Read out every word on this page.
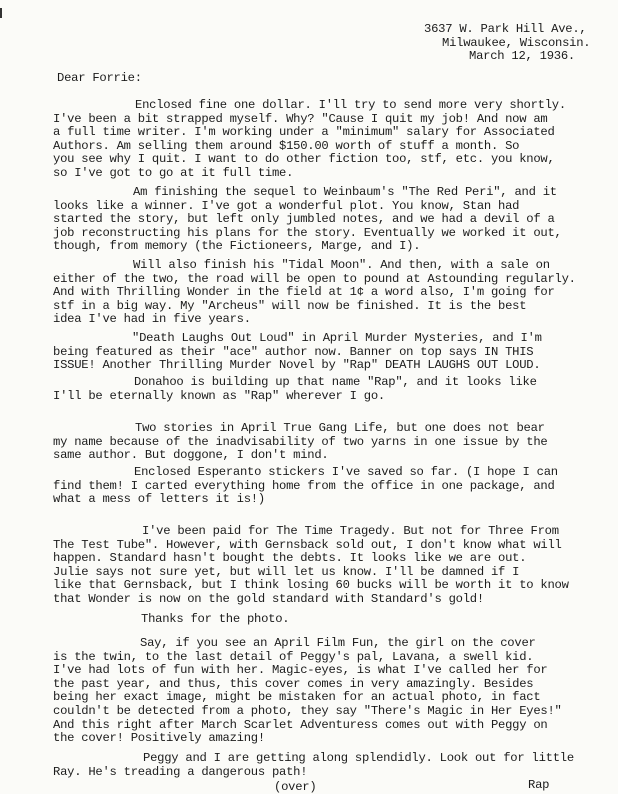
3637 W. Park Hill Ave.,
Milwaukee, Wisconsin.
March 12, 1936.
Dear Forrie:
Enclosed fine one dollar. I'll try to send more very shortly.
I've been a bit strapped myself. Why? "Cause I quit my job! And now am
a full time writer. I'm working under a "minimum" salary for Associated
Authors. Am selling them around $150.00 worth of stuff a month. So
you see why I quit. I want to do other fiction too, stf, etc. you know,
so I've got to go at it full time.
Am finishing the sequel to Weinbaum's "The Red Peri", and it
looks like a winner. I've got a wonderful plot. You know, Stan had
started the story, but left only jumbled notes, and we had a devil of a
job reconstructing his plans for the story. Eventually we worked it out,
though, from memory (the Fictioneers, Marge, and I).
Will also finish his "Tidal Moon". And then, with a sale on
either of the two, the road will be open to pound at Astounding regularly.
And with Thrilling Wonder in the field at 1¢ a word also, I'm going for
stf in a big way. My "Archeus" will now be finished. It is the best
idea I've had in five years.
"Death Laughs Out Loud" in April Murder Mysteries, and I'm
being featured as their "ace" author now. Banner on top says IN THIS
ISSUE! Another Thrilling Murder Novel by "Rap" DEATH LAUGHS OUT LOUD.
Donahoo is building up that name "Rap", and it looks like
I'll be eternally known as "Rap" wherever I go.
Two stories in April True Gang Life, but one does not bear
my name because of the inadvisability of two yarns in one issue by the
same author. But doggone, I don't mind.
Enclosed Esperanto stickers I've saved so far. (I hope I can
find them! I carted everything home from the office in one package, and
what a mess of letters it is!)
I've been paid for The Time Tragedy. But not for Three From
The Test Tube". However, with Gernsback sold out, I don't know what will
happen. Standard hasn't bought the debts. It looks like we are out.
Julie says not sure yet, but will let us know. I'll be damned if I
like that Gernsback, but I think losing 60 bucks will be worth it to know
that Wonder is now on the gold standard with Standard's gold!
Thanks for the photo.
Say, if you see an April Film Fun, the girl on the cover
is the twin, to the last detail of Peggy's pal, Lavana, a swell kid.
I've had lots of fun with her. Magic-eyes, is what I've called her for
the past year, and thus, this cover comes in very amazingly. Besides
being her exact image, might be mistaken for an actual photo, in fact
couldn't be detected from a photo, they say "There's Magic in Her Eyes!"
And this right after March Scarlet Adventuress comes out with Peggy on
the cover! Positively amazing!
Peggy and I are getting along splendidly. Look out for little
Ray. He's treading a dangerous path!
Rap
(over)
